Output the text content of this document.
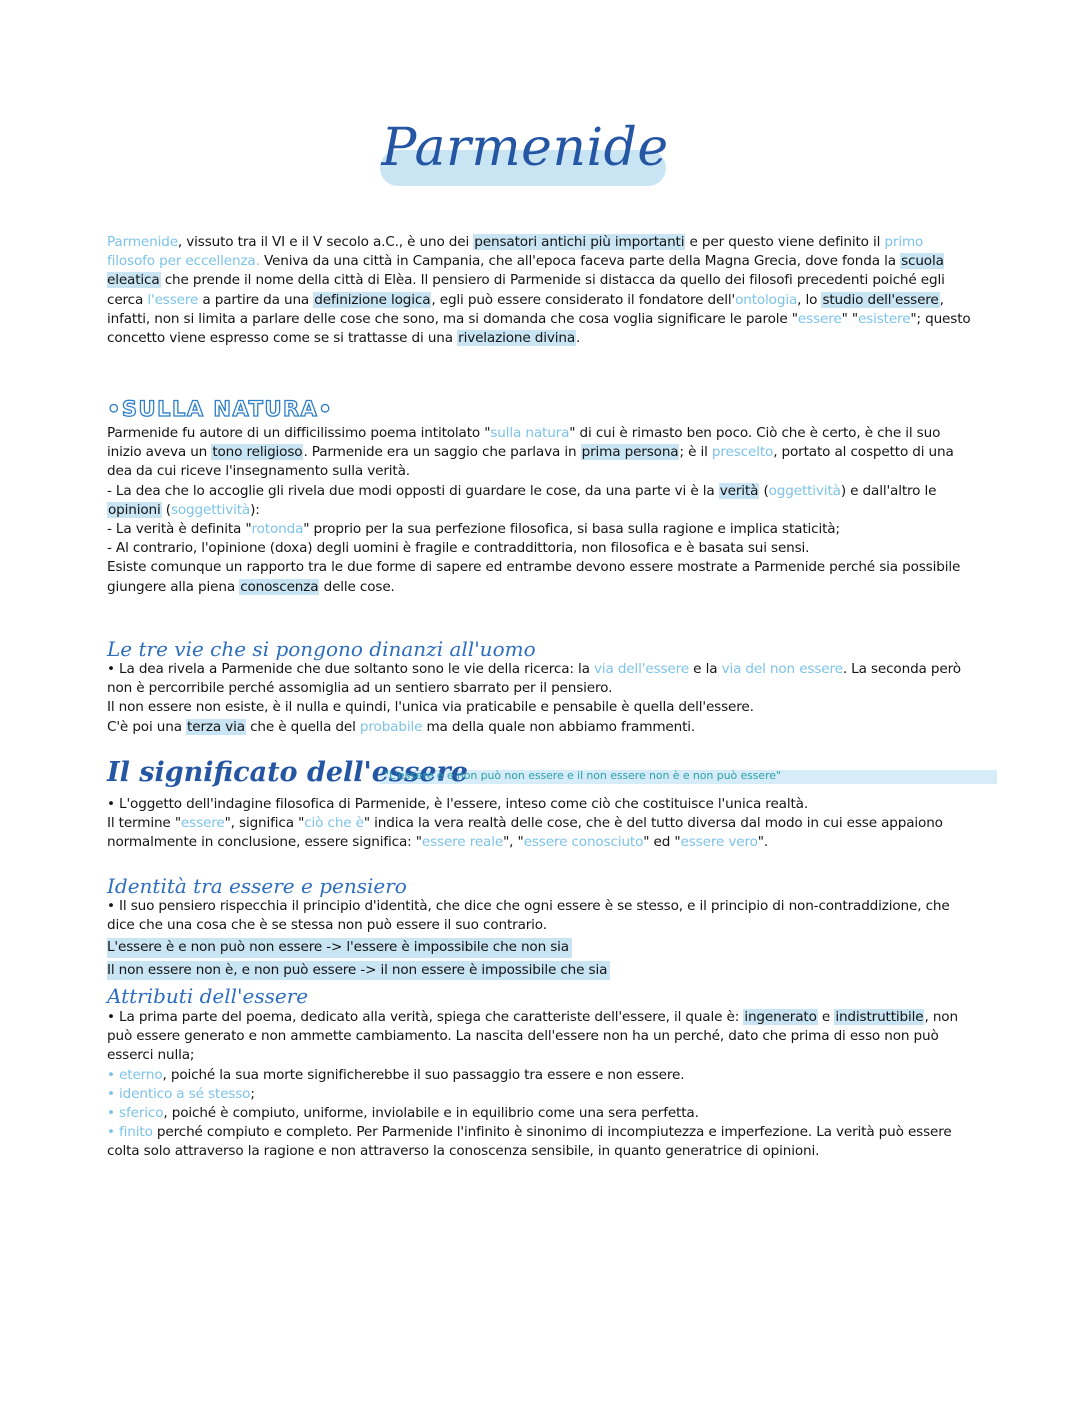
Parmenide
Parmenide, vissuto tra il VI e il V secolo a.C., è uno dei pensatori antichi più importanti e per questo viene definito il primo filosofo per eccellenza. Veniva da una città in Campania, che all'epoca faceva parte della Magna Grecia, dove fonda la scuola eleatica che prende il nome della città di Elèa. Il pensiero di Parmenide si distacca da quello dei filosofi precedenti poiché egli cerca l'essere a partire da una definizione logica, egli può essere considerato il fondatore dell'ontologia, lo studio dell'essere, infatti, non si limita a parlare delle cose che sono, ma si domanda che cosa voglia significare le parole "essere" "esistere"; questo concetto viene espresso come se si trattasse di una rivelazione divina.
•SULLA NATURA•
Parmenide fu autore di un difficilissimo poema intitolato "sulla natura" di cui è rimasto ben poco. Ciò che è certo, è che il suo inizio aveva un tono religioso. Parmenide era un saggio che parlava in prima persona; è il prescelto, portato al cospetto di una dea da cui riceve l'insegnamento sulla verità.
- La dea che lo accoglie gli rivela due modi opposti di guardare le cose, da una parte vi è la verità (oggettività) e dall'altro le opinioni (soggettività):
- La verità è definita "rotonda" proprio per la sua perfezione filosofica, si basa sulla ragione e implica staticità;
- Al contrario, l'opinione (doxa) degli uomini è fragile e contraddittoria, non filosofica e è basata sui sensi.
Esiste comunque un rapporto tra le due forme di sapere ed entrambe devono essere mostrate a Parmenide perché sia possibile giungere alla piena conoscenza delle cose.
Le tre vie che si pongono dinanzi all'uomo
• La dea rivela a Parmenide che due soltanto sono le vie della ricerca: la via dell'essere e la via del non essere. La seconda però non è percorribile perché assomiglia ad un sentiero sbarrato per il pensiero.
Il non essere non esiste, è il nulla e quindi, l'unica via praticabile e pensabile è quella dell'essere.
C'è poi una terza via che è quella del probabile ma della quale non abbiamo frammenti.
Il significato dell'essere
"L'essere è e non può non essere e il non essere non è e non può essere"
• L'oggetto dell'indagine filosofica di Parmenide, è l'essere, inteso come ciò che costituisce l'unica realtà.
Il termine "essere", significa "ciò che è" indica la vera realtà delle cose, che è del tutto diversa dal modo in cui esse appaiono normalmente in conclusione, essere significa: "essere reale", "essere conosciuto" ed "essere vero".
Identità tra essere e pensiero
• Il suo pensiero rispecchia il principio d'identità, che dice che ogni essere è se stesso, e il principio di non-contraddizione, che dice che una cosa che è se stessa non può essere il suo contrario.
L'essere è e non può non essere -> l'essere è impossibile che non sia
Il non essere non è, e non può essere -> il non essere è impossibile che sia
Attributi dell'essere
• La prima parte del poema, dedicato alla verità, spiega che caratteriste dell'essere, il quale è: ingenerato e indistruttibile, non può essere generato e non ammette cambiamento. La nascita dell'essere non ha un perché, dato che prima di esso non può esserci nulla;
• eterno, poiché la sua morte significherebbe il suo passaggio tra essere e non essere.
• identico a sé stesso;
• sferico, poiché è compiuto, uniforme, inviolabile e in equilibrio come una sera perfetta.
• finito perché compiuto e completo. Per Parmenide l'infinito è sinonimo di incompiutezza e imperfezione. La verità può essere colta solo attraverso la ragione e non attraverso la conoscenza sensibile, in quanto generatrice di opinioni.
